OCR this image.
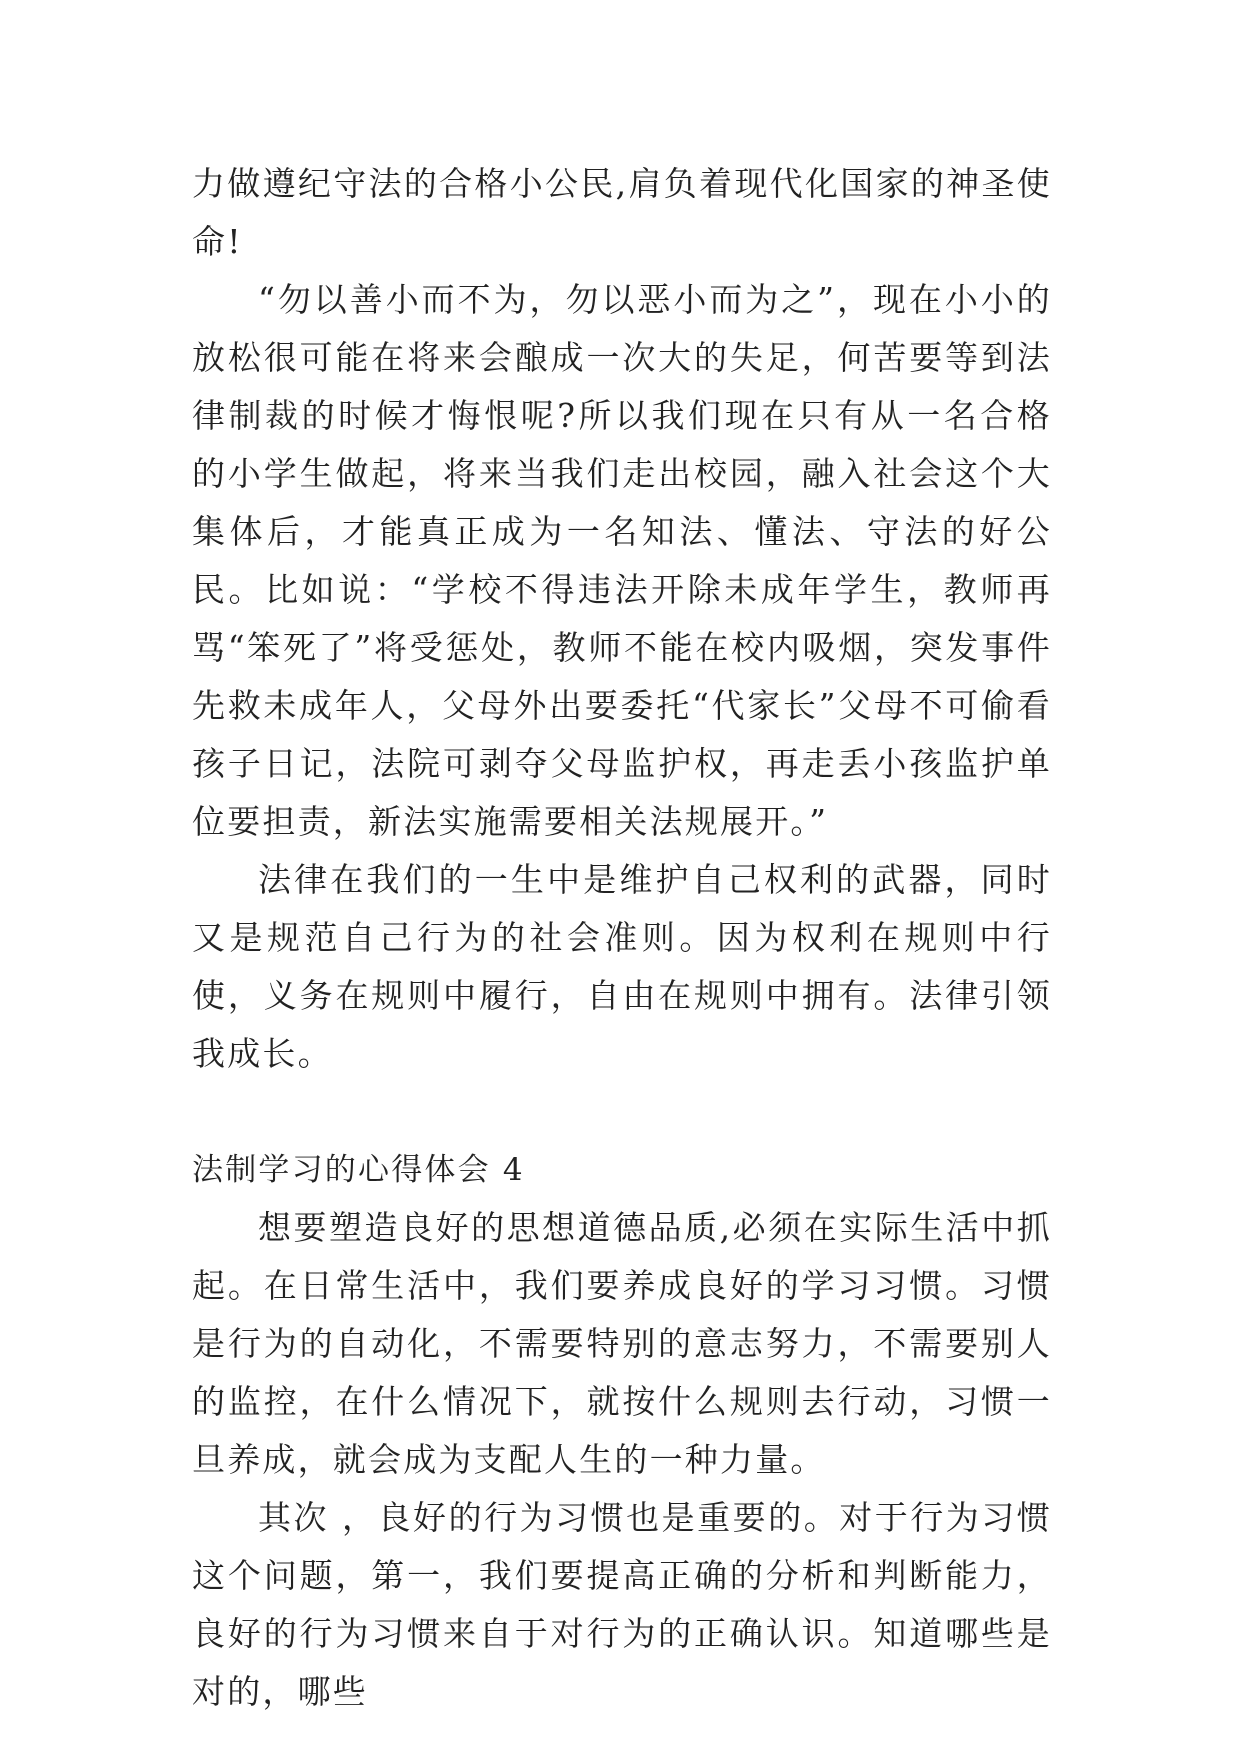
力做遵纪守法的合格小公民,肩负着现代化国家的神圣使命!

“勿以善小而不为，勿以恶小而为之”，现在小小的放松很可能在将来会酿成一次大的失足，何苦要等到法律制裁的时候才悔恨呢?所以我们现在只有从一名合格的小学生做起，将来当我们走出校园，融入社会这个大集体后，才能真正成为一名知法、懂法、守法的好公民。比如说：“学校不得违法开除未成年学生，教师再骂“笨死了”将受惩处，教师不能在校内吸烟，突发事件先救未成年人，父母外出要委托“代家长”父母不可偷看孩子日记，法院可剥夺父母监护权，再走丢小孩监护单位要担责，新法实施需要相关法规展开。”

法律在我们的一生中是维护自己权利的武器，同时又是规范自己行为的社会准则。因为权利在规则中行使，义务在规则中履行，自由在规则中拥有。法律引领我成长。

法制学习的心得体会 4

想要塑造良好的思想道德品质,必须在实际生活中抓起。在日常生活中，我们要养成良好的学习习惯。习惯是行为的自动化，不需要特别的意志努力，不需要别人的监控，在什么情况下，就按什么规则去行动，习惯一旦养成，就会成为支配人生的一种力量。

其次 ，良好的行为习惯也是重要的。对于行为习惯这个问题，第一，我们要提高正确的分析和判断能力，良好的行为习惯来自于对行为的正确认识。知道哪些是对的，哪些
